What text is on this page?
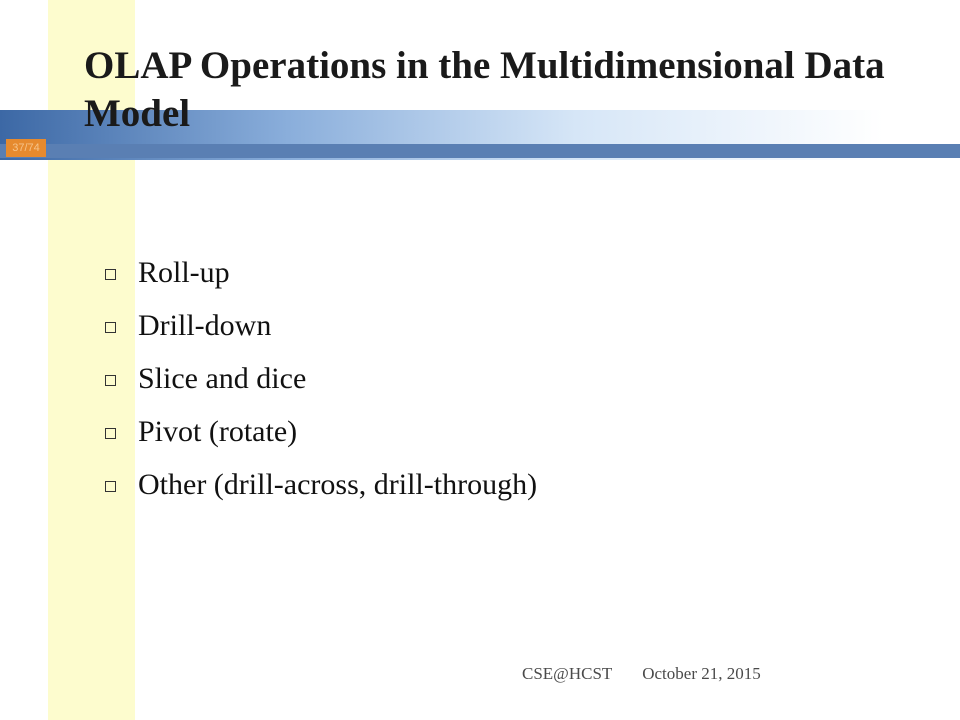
37/74
OLAP Operations in the Multidimensional Data Model
Roll-up
Drill-down
Slice and dice
Pivot (rotate)
Other (drill-across, drill-through)
CSE@HCST October 21, 2015
